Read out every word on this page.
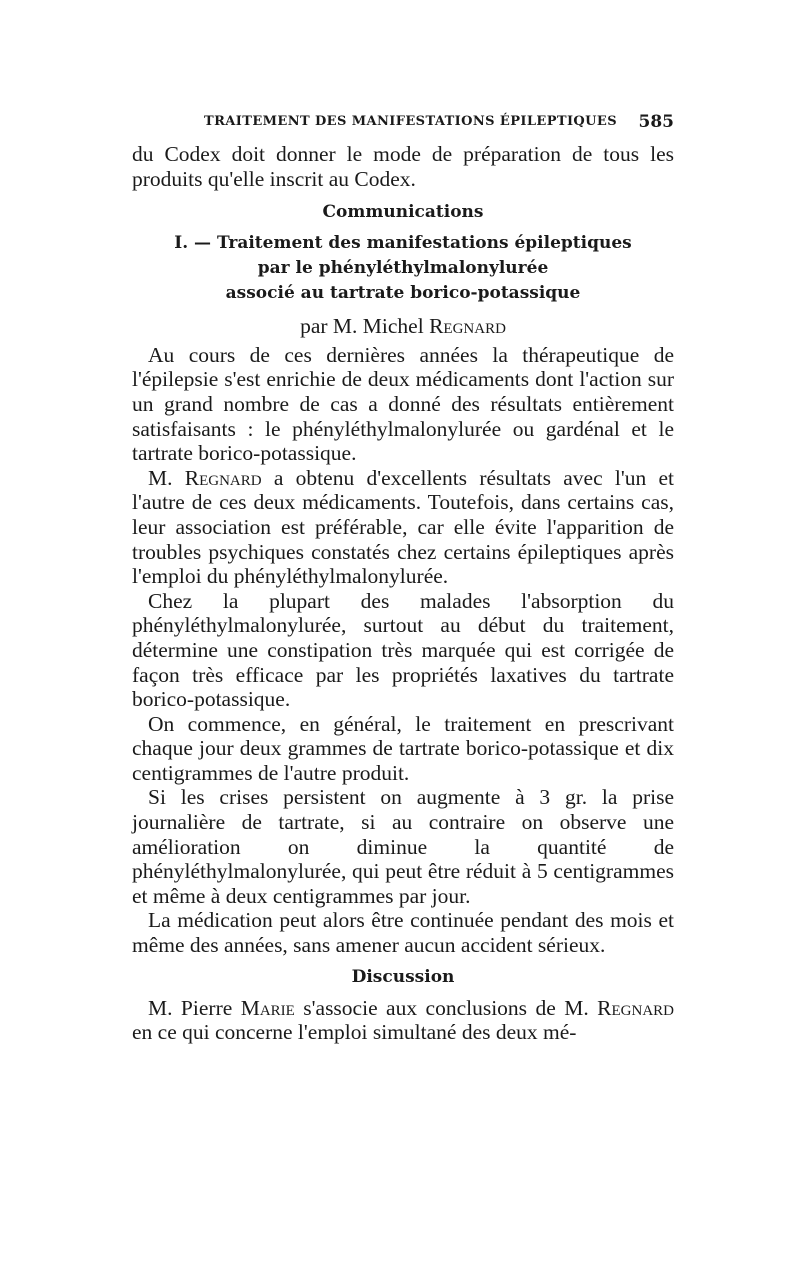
TRAITEMENT DES MANIFESTATIONS ÉPILEPTIQUES 585

du Codex doit donner le mode de préparation de tous les produits qu'elle inscrit au Codex.

Communications

I. — Traitement des manifestations épileptiques

par le phényléthylmalonylurée

associé au tartrate borico-potassique

par M. Michel Regnard

Au cours de ces dernières années la thérapeutique de l'épilepsie s'est enrichie de deux médicaments dont l'action sur un grand nombre de cas a donné des résultats entièrement satisfaisants : le phényléthylmalonylurée ou gardénal et le tartrate borico-potassique.

M. Regnard a obtenu d'excellents résultats avec l'un et l'autre de ces deux médicaments. Toutefois, dans certains cas, leur association est préférable, car elle évite l'apparition de troubles psychiques constatés chez certains épileptiques après l'emploi du phényléthylmalonylurée.

Chez la plupart des malades l'absorption du phényléthylmalonylurée, surtout au début du traitement, détermine une constipation très marquée qui est corrigée de façon très efficace par les propriétés laxatives du tartrate borico-potassique.

On commence, en général, le traitement en prescrivant chaque jour deux grammes de tartrate borico-potassique et dix centigrammes de l'autre produit.

Si les crises persistent on augmente à 3 gr. la prise journalière de tartrate, si au contraire on observe une amélioration on diminue la quantité de phényléthylmalonylurée, qui peut être réduit à 5 centigrammes et même à deux centigrammes par jour.

La médication peut alors être continuée pendant des mois et même des années, sans amener aucun accident sérieux.

Discussion

M. Pierre Marie s'associe aux conclusions de M. Regnard en ce qui concerne l'emploi simultané des deux mé-
